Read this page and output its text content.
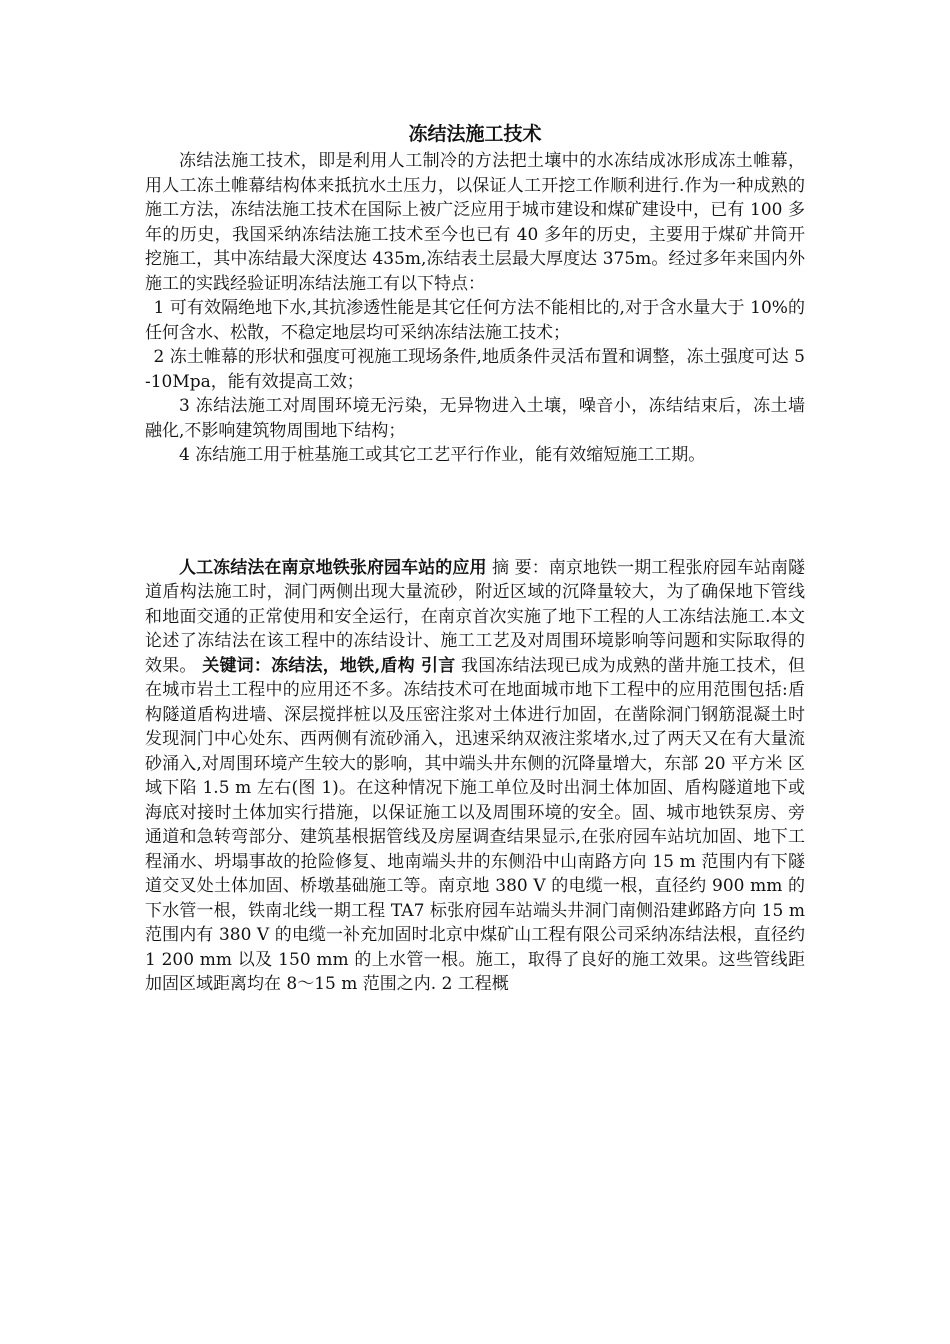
冻结法施工技术

冻结法施工技术，即是利用人工制冷的方法把土壤中的水冻结成冰形成冻土帷幕，用人工冻土帷幕结构体来抵抗水土压力，以保证人工开挖工作顺利进行.作为一种成熟的施工方法，冻结法施工技术在国际上被广泛应用于城市建设和煤矿建设中，已有 100 多年的历史，我国采纳冻结法施工技术至今也已有 40 多年的历史，主要用于煤矿井筒开挖施工，其中冻结最大深度达 435m,冻结表土层最大厚度达 375m。经过多年来国内外施工的实践经验证明冻结法施工有以下特点：

1 可有效隔绝地下水,其抗渗透性能是其它任何方法不能相比的,对于含水量大于 10%的任何含水、松散，不稳定地层均可采纳冻结法施工技术；

2 冻土帷幕的形状和强度可视施工现场条件,地质条件灵活布置和调整，冻土强度可达 5-10Mpa，能有效提高工效；

3 冻结法施工对周围环境无污染，无异物进入土壤，噪音小，冻结结束后，冻土墙融化,不影响建筑物周围地下结构；

4 冻结施工用于桩基施工或其它工艺平行作业，能有效缩短施工工期。

人工冻结法在南京地铁张府园车站的应用 摘 要：南京地铁一期工程张府园车站南隧道盾构法施工时，洞门两侧出现大量流砂，附近区域的沉降量较大，为了确保地下管线和地面交通的正常使用和安全运行，在南京首次实施了地下工程的人工冻结法施工.本文论述了冻结法在该工程中的冻结设计、施工工艺及对周围环境影响等问题和实际取得的效果。 关键词：冻结法，地铁,盾构 引言 我国冻结法现已成为成熟的凿井施工技术，但在城市岩土工程中的应用还不多。冻结技术可在地面城市地下工程中的应用范围包括:盾构隧道盾构进墙、深层搅拌桩以及压密注浆对土体进行加固，在凿除洞门钢筋混凝土时发现洞门中心处东、西两侧有流砂涌入，迅速采纳双液注浆堵水,过了两天又在有大量流砂涌入,对周围环境产生较大的影响，其中端头井东侧的沉降量增大，东部 20 平方米 区域下陷 1.5 m 左右(图 1)。在这种情况下施工单位及时出洞土体加固、盾构隧道地下或海底对接时土体加实行措施，以保证施工以及周围环境的安全。固、城市地铁泵房、旁通道和急转弯部分、建筑基根据管线及房屋调查结果显示,在张府园车站坑加固、地下工程涌水、坍塌事故的抢险修复、地南端头井的东侧沿中山南路方向 15 m 范围内有下隧道交叉处土体加固、桥墩基础施工等。南京地 380 V 的电缆一根，直径约 900 mm 的下水管一根，铁南北线一期工程 TA7 标张府园车站端头井洞门南侧沿建邺路方向 15 m 范围内有 380 V 的电缆一补充加固时北京中煤矿山工程有限公司采纳冻结法根，直径约 1 200 mm 以及 150 mm 的上水管一根。施工，取得了良好的施工效果。这些管线距加固区域距离均在 8～15 m 范围之内. 2 工程概
